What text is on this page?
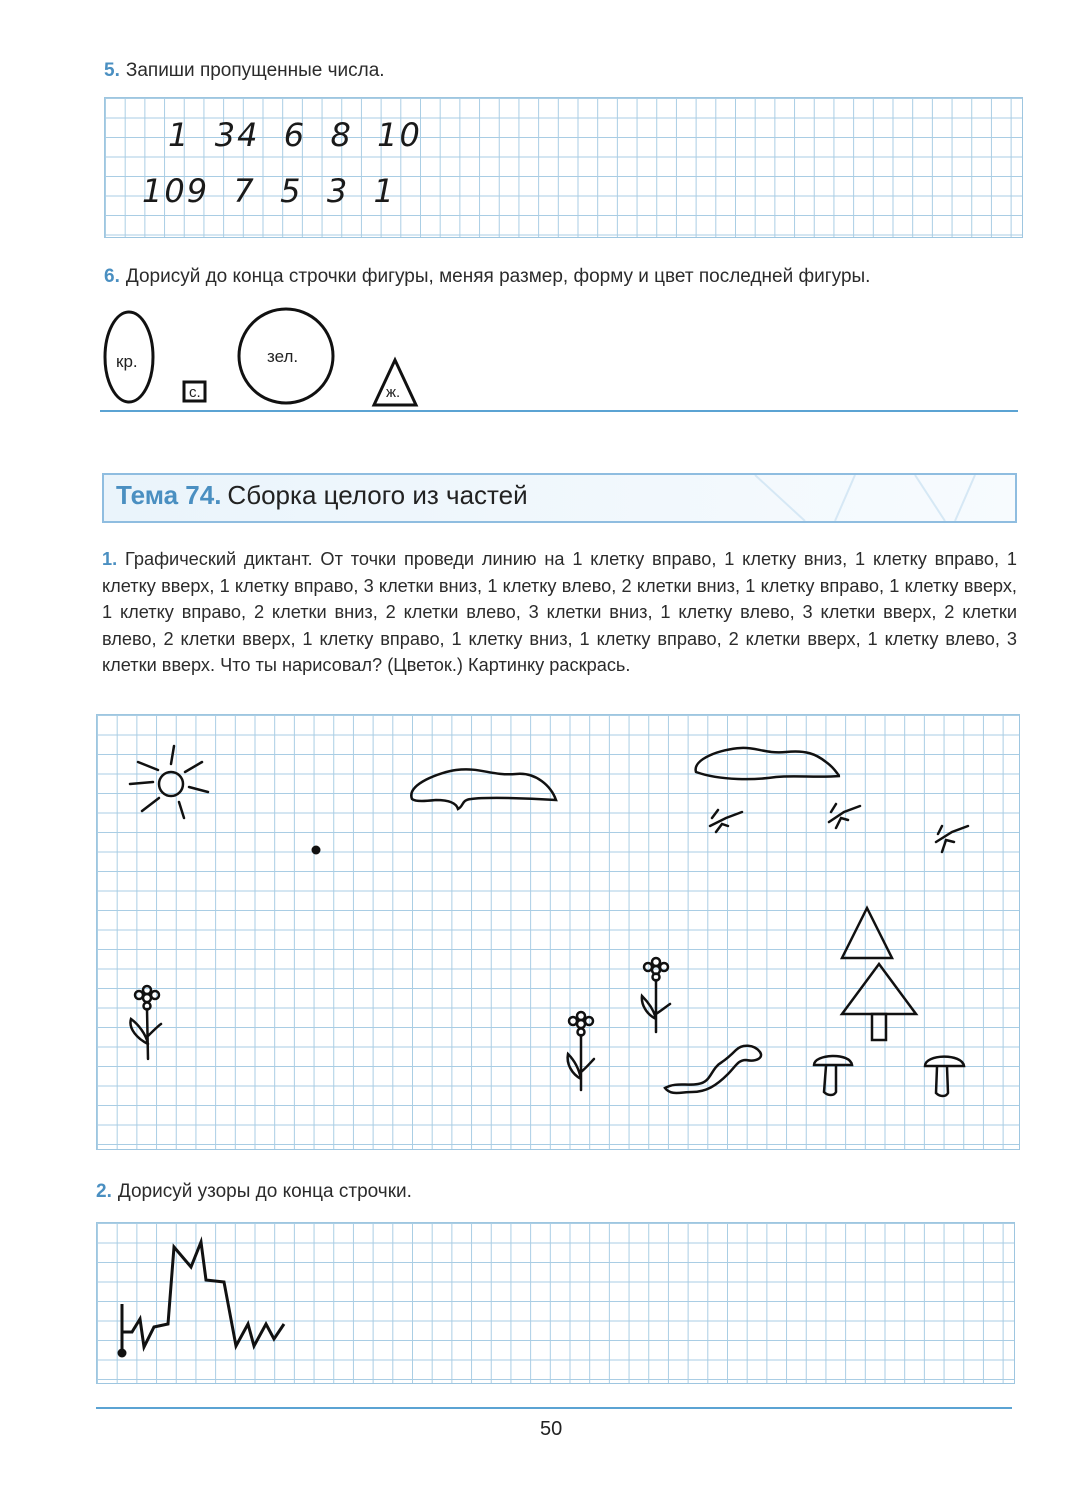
5. Запиши пропущенные числа.
1  34  6  8  10
109  7  5  3  1
6. Дорисуй до конца строчки фигуры, меняя размер, форму и цвет последней фигуры.
кр.
с.
зел.
ж.
Тема 74. Сборка целого из частей
1. Графический диктант. От точки проведи линию на 1 клетку вправо, 1 клетку вниз, 1 клетку вправо, 1 клетку вверх, 1 клетку вправо, 3 клетки вниз, 1 клетку влево, 2 клетки вниз, 1 клетку вправо, 1 клетку вверх, 1 клетку вправо, 2 клетки вниз, 2 клетки влево, 3 клетки вниз, 1 клетку влево, 3 клетки вверх, 2 клетки влево, 2 клетки вверх, 1 клетку вправо, 1 клетку вниз, 1 клетку вправо, 2 клетки вверх, 1 клетку влево, 3 клетки вверх. Что ты нарисовал? (Цветок.) Картинку раскрась.
2. Дорисуй узоры до конца строчки.
50
